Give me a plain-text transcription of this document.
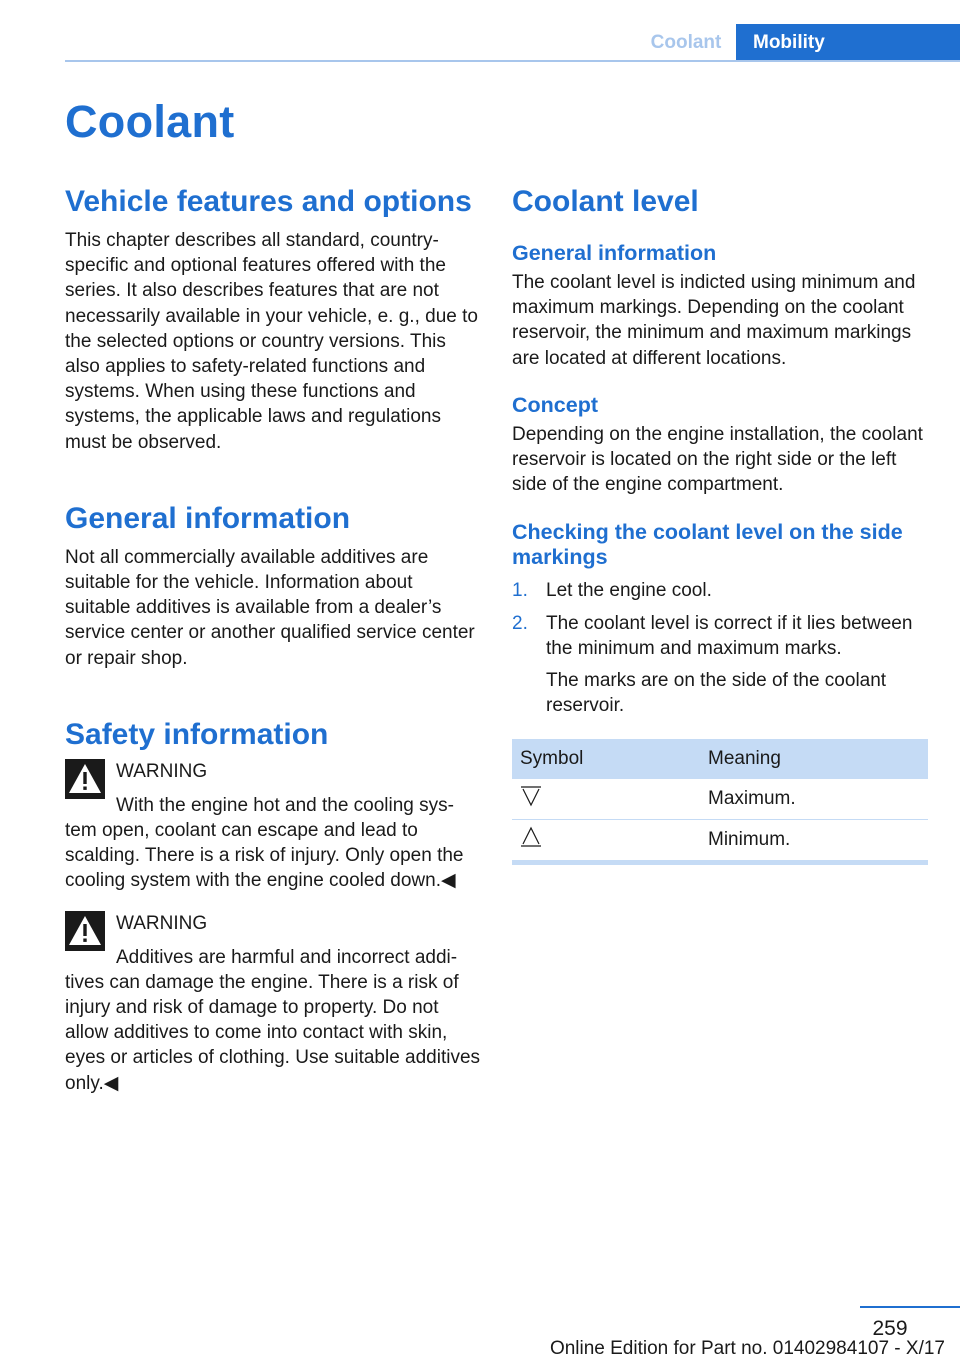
Coolant	Mobility
Coolant
Vehicle features and options

This chapter describes all standard, country-specific and optional features offered with the series. It also describes features that are not necessarily available in your vehicle, e. g., due to the selected options or country versions. This also applies to safety-related functions and systems. When using these functions and systems, the applicable laws and regulations must be observed.

General information

Not all commercially available additives are suitable for the vehicle. Information about suitable additives is available from a dealer’s service center or another qualified service center or repair shop.

Safety information

WARNING

With the engine hot and the cooling sys-
tem open, coolant can escape and lead to scalding. There is a risk of injury. Only open the cooling system with the engine cooled down.◀

WARNING

Additives are harmful and incorrect addi-
tives can damage the engine. There is a risk of injury and risk of damage to property. Do not allow additives to come into contact with skin, eyes or articles of clothing. Use suitable additives only.◀

Coolant level
General information

The coolant level is indicted using minimum and maximum markings. Depending on the coolant reservoir, the minimum and maximum markings are located at different locations.

Concept

Depending on the engine installation, the coolant reservoir is located on the right side or the left side of the engine compartment.

Checking the coolant level on the side markings
1. Let the engine cool.
2. The coolant level is correct if it lies between the minimum and maximum marks.

The marks are on the side of the coolant reservoir.

Symbol	Meaning
	Maximum.
	Minimum.
259
Online Edition for Part no. 01402984107 - X/17
